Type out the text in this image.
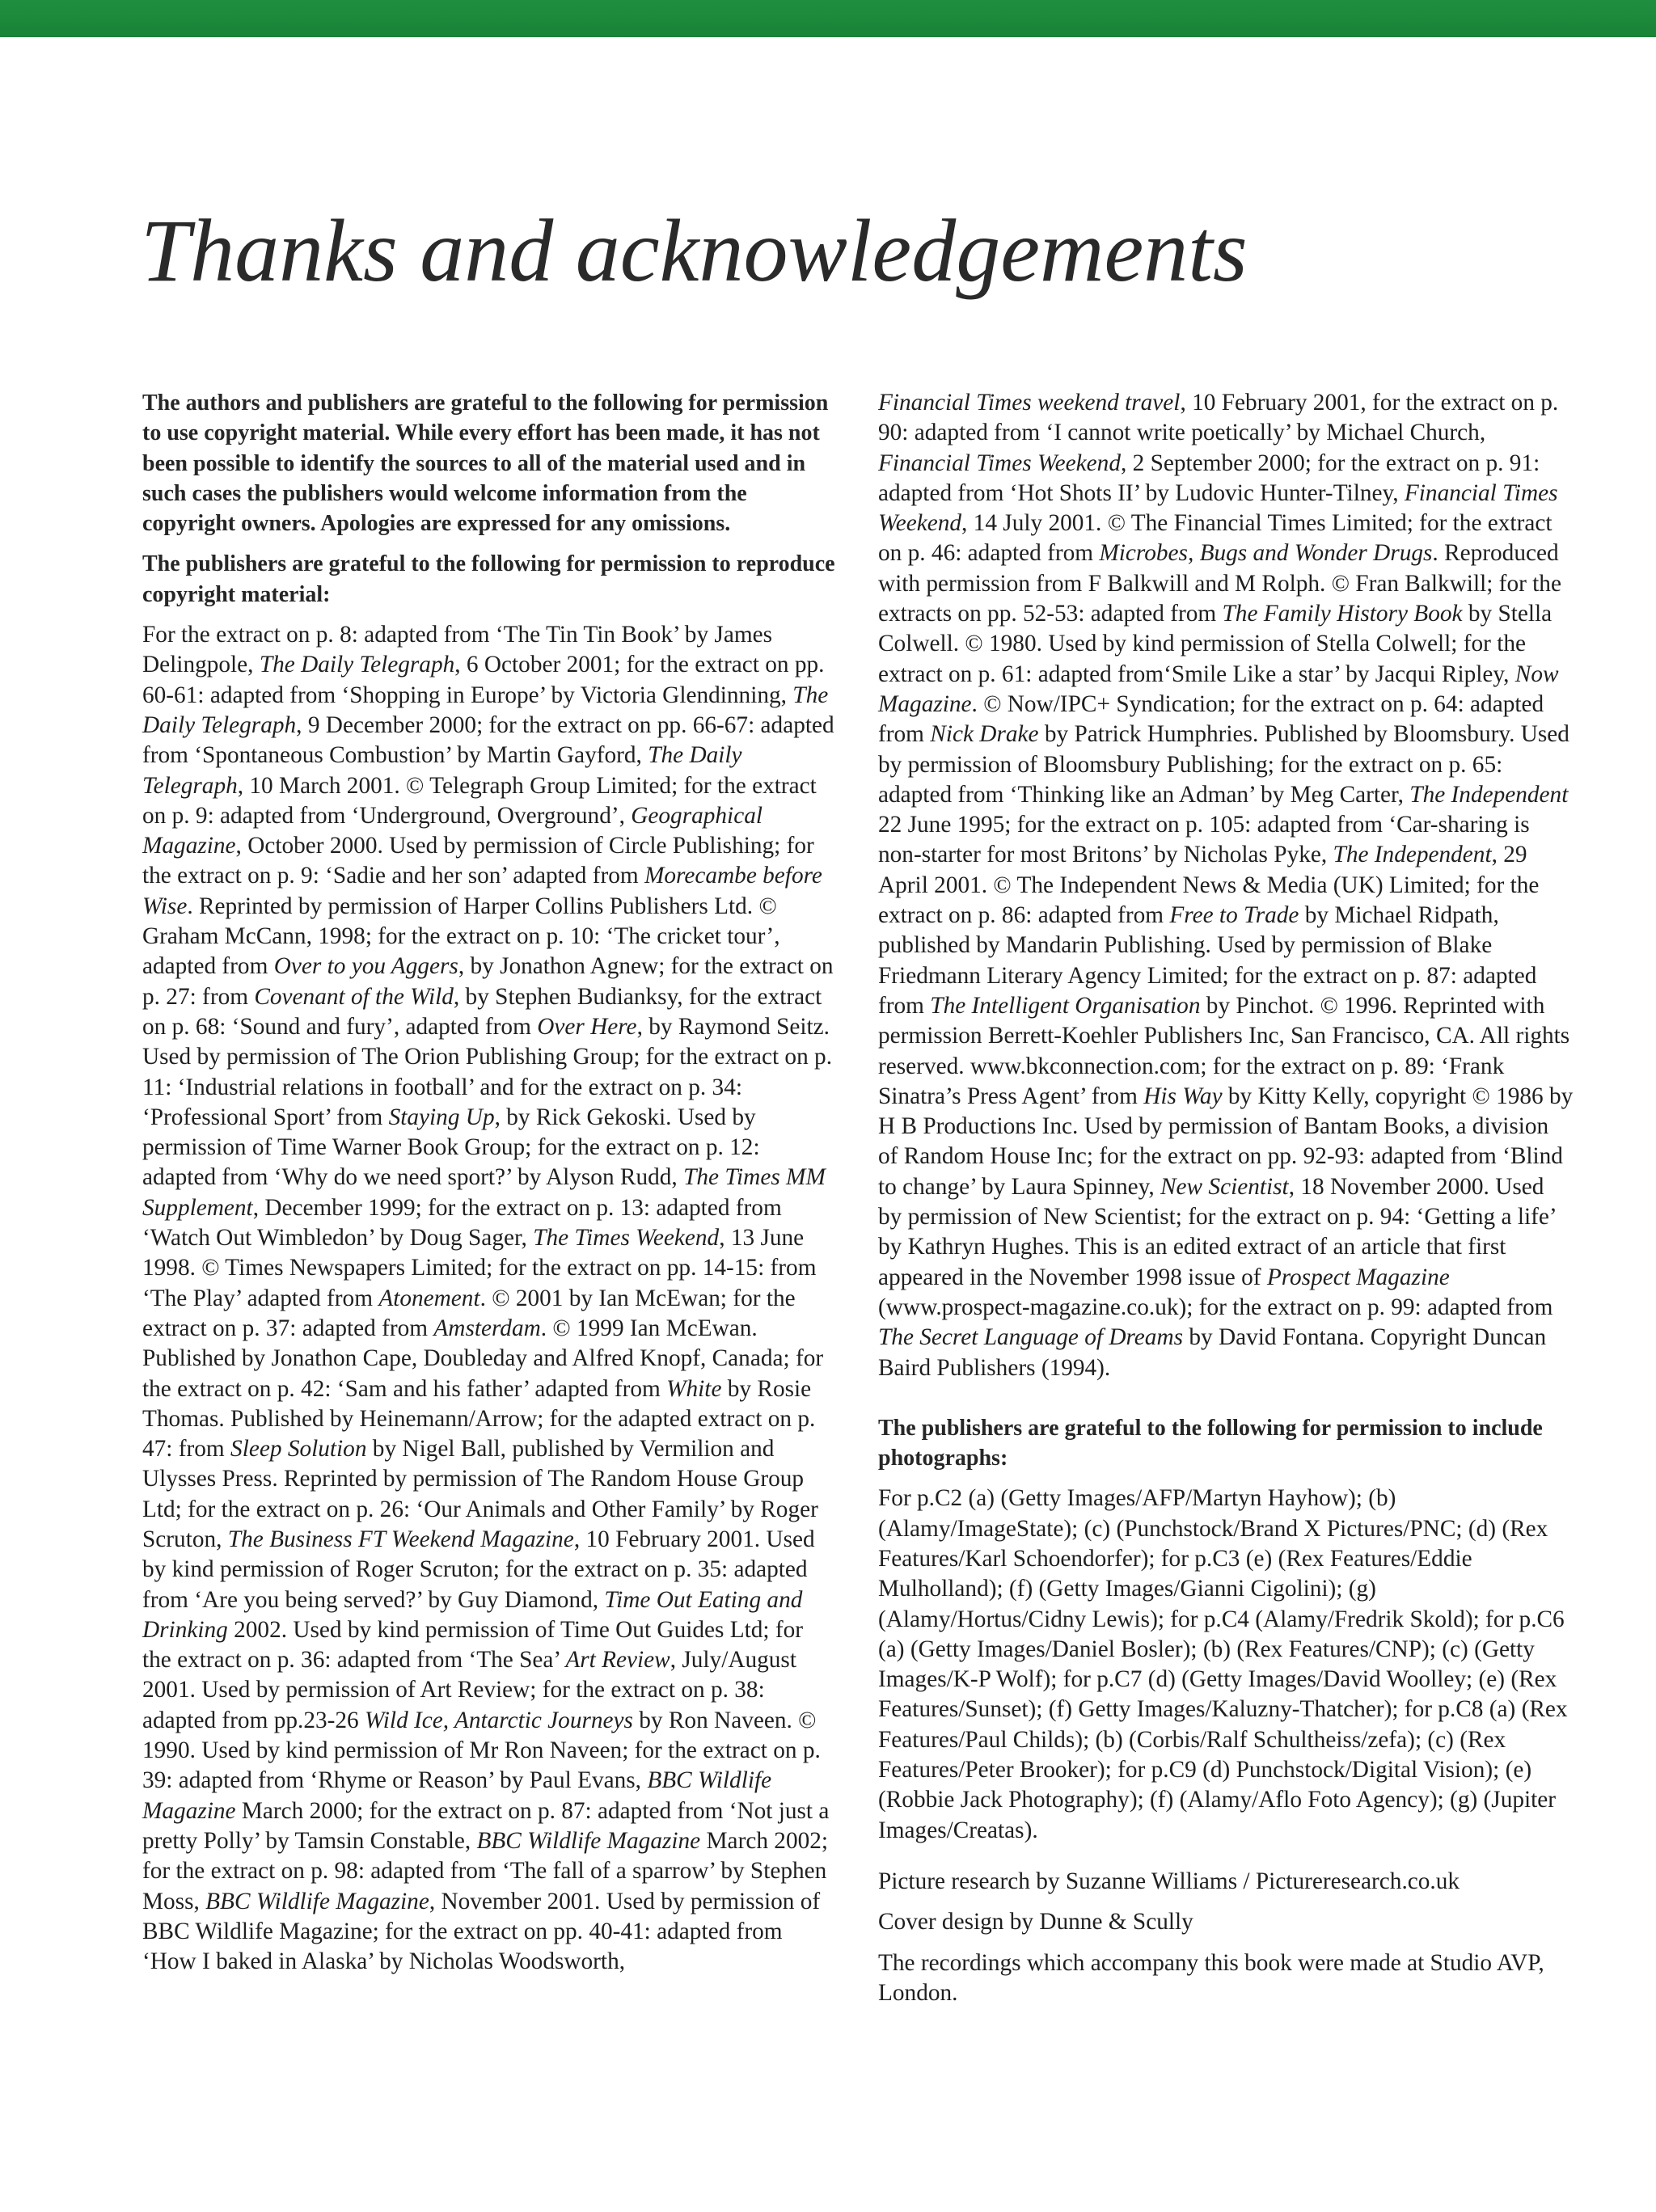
Thanks and acknowledgements

The authors and publishers are grateful to the following for permission to use copyright material. While every effort has been made, it has not been possible to identify the sources to all of the material used and in such cases the publishers would welcome information from the copyright owners. Apologies are expressed for any omissions.

The publishers are grateful to the following for permission to reproduce copyright material:

For the extract on p. 8: adapted from ‘The Tin Tin Book’ by James Delingpole, The Daily Telegraph, 6 October 2001; for the extract on pp. 60-61: adapted from ‘Shopping in Europe’ by Victoria Glendinning, The Daily Telegraph, 9 December 2000; for the extract on pp. 66-67: adapted from ‘Spontaneous Combustion’ by Martin Gayford, The Daily Telegraph, 10 March 2001. © Telegraph Group Limited; for the extract on p. 9: adapted from ‘Underground, Overground’, Geographical Magazine, October 2000. Used by permission of Circle Publishing; for the extract on p. 9: ‘Sadie and her son’ adapted from Morecambe before Wise. Reprinted by permission of Harper Collins Publishers Ltd. © Graham McCann, 1998; for the extract on p. 10: ‘The cricket tour’, adapted from Over to you Aggers, by Jonathon Agnew; for the extract on p. 27: from Covenant of the Wild, by Stephen Budianksy, for the extract on p. 68: ‘Sound and fury’, adapted from Over Here, by Raymond Seitz. Used by permission of The Orion Publishing Group; for the extract on p. 11: ‘Industrial relations in football’ and for the extract on p. 34: ‘Professional Sport’ from Staying Up, by Rick Gekoski. Used by permission of Time Warner Book Group; for the extract on p. 12: adapted from ‘Why do we need sport?’ by Alyson Rudd, The Times MM Supplement, December 1999; for the extract on p. 13: adapted from ‘Watch Out Wimbledon’ by Doug Sager, The Times Weekend, 13 June 1998. © Times Newspapers Limited; for the extract on pp. 14-15: from ‘The Play’ adapted from Atonement. © 2001 by Ian McEwan; for the extract on p. 37: adapted from Amsterdam. © 1999 Ian McEwan. Published by Jonathon Cape, Doubleday and Alfred Knopf, Canada; for the extract on p. 42: ‘Sam and his father’ adapted from White by Rosie Thomas. Published by Heinemann/Arrow; for the adapted extract on p. 47: from Sleep Solution by Nigel Ball, published by Vermilion and Ulysses Press. Reprinted by permission of The Random House Group Ltd; for the extract on p. 26: ‘Our Animals and Other Family’ by Roger Scruton, The Business FT Weekend Magazine, 10 February 2001. Used by kind permission of Roger Scruton; for the extract on p. 35: adapted from ‘Are you being served?’ by Guy Diamond, Time Out Eating and Drinking 2002. Used by kind permission of Time Out Guides Ltd; for the extract on p. 36: adapted from ‘The Sea’ Art Review, July/August 2001. Used by permission of Art Review; for the extract on p. 38: adapted from pp.23-26 Wild Ice, Antarctic Journeys by Ron Naveen. © 1990. Used by kind permission of Mr Ron Naveen; for the extract on p. 39: adapted from ‘Rhyme or Reason’ by Paul Evans, BBC Wildlife Magazine March 2000; for the extract on p. 87: adapted from ‘Not just a pretty Polly’ by Tamsin Constable, BBC Wildlife Magazine March 2002; for the extract on p. 98: adapted from ‘The fall of a sparrow’ by Stephen Moss, BBC Wildlife Magazine, November 2001. Used by permission of BBC Wildlife Magazine; for the extract on pp. 40-41: adapted from ‘How I baked in Alaska’ by Nicholas Woodsworth,

Financial Times weekend travel, 10 February 2001, for the extract on p. 90: adapted from ‘I cannot write poetically’ by Michael Church, Financial Times Weekend, 2 September 2000; for the extract on p. 91: adapted from ‘Hot Shots II’ by Ludovic Hunter-Tilney, Financial Times Weekend, 14 July 2001. © The Financial Times Limited; for the extract on p. 46: adapted from Microbes, Bugs and Wonder Drugs. Reproduced with permission from F Balkwill and M Rolph. © Fran Balkwill; for the extracts on pp. 52-53: adapted from The Family History Book by Stella Colwell. © 1980. Used by kind permission of Stella Colwell; for the extract on p. 61: adapted from‘Smile Like a star’ by Jacqui Ripley, Now Magazine. © Now/IPC+ Syndication; for the extract on p. 64: adapted from Nick Drake by Patrick Humphries. Published by Bloomsbury. Used by permission of Bloomsbury Publishing; for the extract on p. 65: adapted from ‘Thinking like an Adman’ by Meg Carter, The Independent 22 June 1995; for the extract on p. 105: adapted from ‘Car-sharing is non-starter for most Britons’ by Nicholas Pyke, The Independent, 29 April 2001. © The Independent News & Media (UK) Limited; for the extract on p. 86: adapted from Free to Trade by Michael Ridpath, published by Mandarin Publishing. Used by permission of Blake Friedmann Literary Agency Limited; for the extract on p. 87: adapted from The Intelligent Organisation by Pinchot. © 1996. Reprinted with permission Berrett-Koehler Publishers Inc, San Francisco, CA. All rights reserved. www.bkconnection.com; for the extract on p. 89: ‘Frank Sinatra’s Press Agent’ from His Way by Kitty Kelly, copyright © 1986 by H B Productions Inc. Used by permission of Bantam Books, a division of Random House Inc; for the extract on pp. 92-93: adapted from ‘Blind to change’ by Laura Spinney, New Scientist, 18 November 2000. Used by permission of New Scientist; for the extract on p. 94: ‘Getting a life’ by Kathryn Hughes. This is an edited extract of an article that first appeared in the November 1998 issue of Prospect Magazine (www.prospect-magazine.co.uk); for the extract on p. 99: adapted from The Secret Language of Dreams by David Fontana. Copyright Duncan Baird Publishers (1994).

The publishers are grateful to the following for permission to include photographs:

For p.C2 (a) (Getty Images/AFP/Martyn Hayhow); (b) (Alamy/ImageState); (c) (Punchstock/Brand X Pictures/PNC; (d) (Rex Features/Karl Schoendorfer); for p.C3 (e) (Rex Features/Eddie Mulholland); (f) (Getty Images/Gianni Cigolini); (g) (Alamy/Hortus/Cidny Lewis); for p.C4 (Alamy/Fredrik Skold); for p.C6 (a) (Getty Images/Daniel Bosler); (b) (Rex Features/CNP); (c) (Getty Images/K-P Wolf); for p.C7 (d) (Getty Images/David Woolley; (e) (Rex Features/Sunset); (f) Getty Images/Kaluzny-Thatcher); for p.C8 (a) (Rex Features/Paul Childs); (b) (Corbis/Ralf Schultheiss/zefa); (c) (Rex Features/Peter Brooker); for p.C9 (d) Punchstock/Digital Vision); (e) (Robbie Jack Photography); (f) (Alamy/Aflo Foto Agency); (g) (Jupiter Images/Creatas).

Picture research by Suzanne Williams / Pictureresearch.co.uk

Cover design by Dunne & Scully

The recordings which accompany this book were made at Studio AVP, London.
